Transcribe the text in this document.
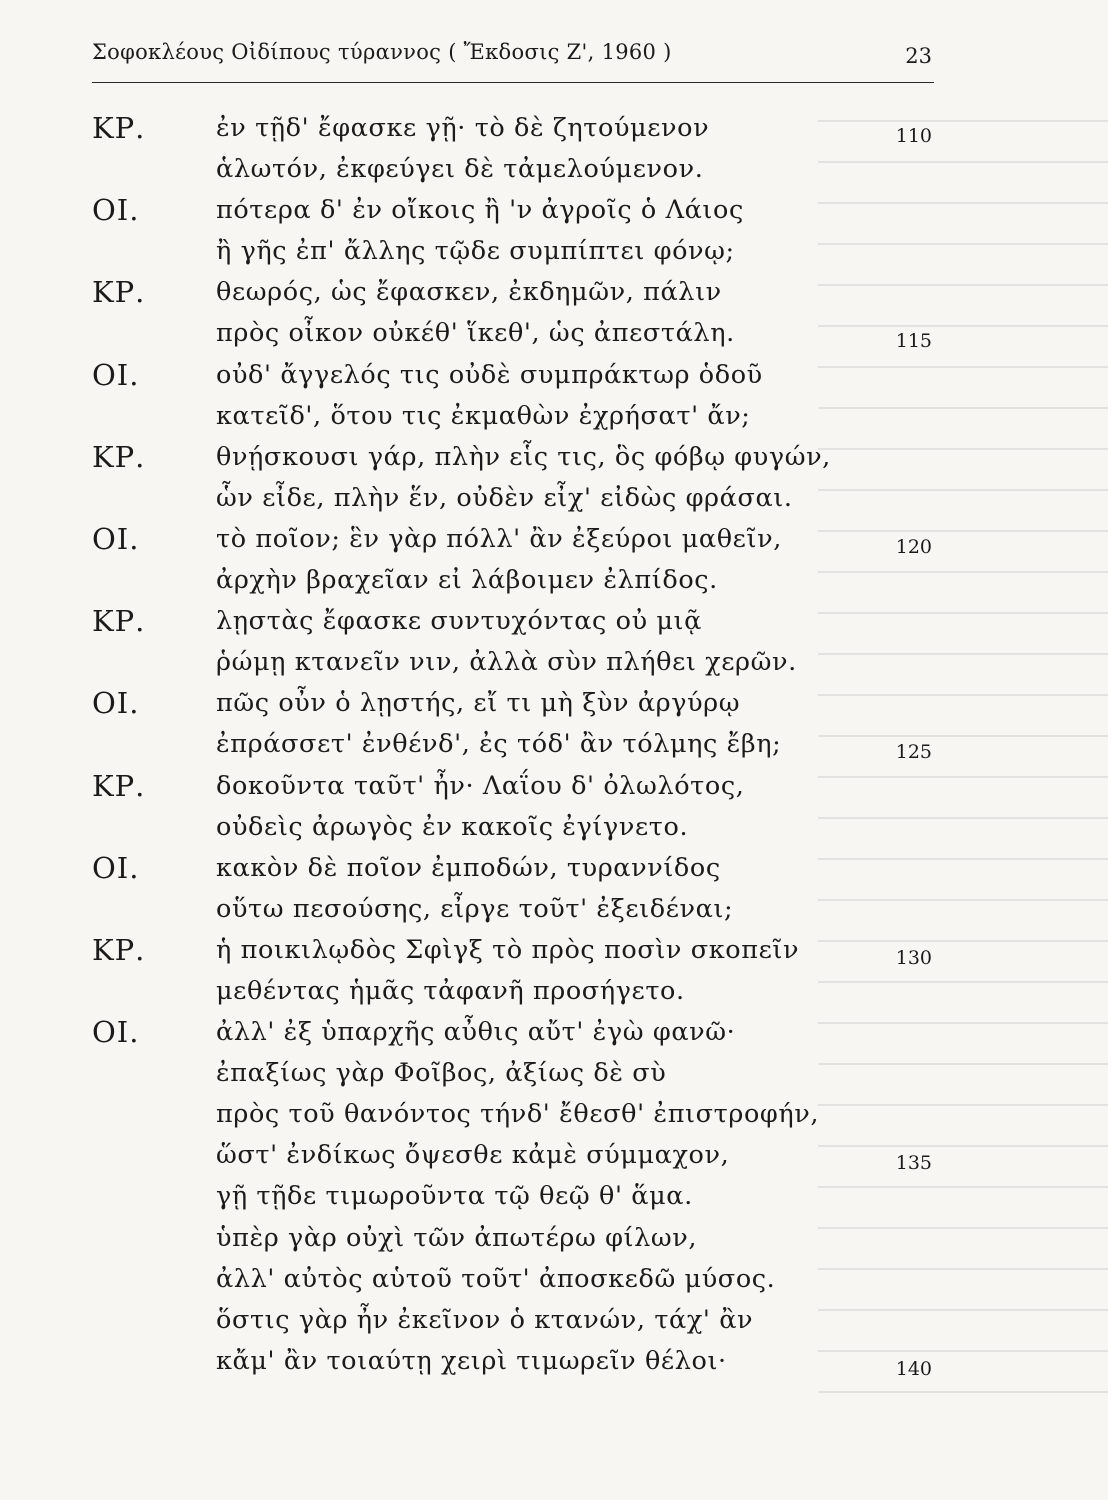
Σοφοκλέους Οἰδίπους τύραννος ( Ἔκδοσις Ζ', 1960 )	23
ΚΡ.	ἐν τῇδ' ἔφασκε γῇ· τὸ δὲ ζητούμενον	110
ἁλωτόν, ἐκφεύγει δὲ τἀμελούμενον.
ΟΙ.	πότερα δ' ἐν οἴκοις ἢ 'ν ἀγροῖς ὁ Λάιος
ἢ γῆς ἐπ' ἄλλης τῷδε συμπίπτει φόνῳ;
ΚΡ.	θεωρός, ὡς ἔφασκεν, ἐκδημῶν, πάλιν
πρὸς οἶκον οὐκέθ' ἵκεθ', ὡς ἀπεστάλη.	115
ΟΙ.	οὐδ' ἄγγελός τις οὐδὲ συμπράκτωρ ὁδοῦ
κατεῖδ', ὅτου τις ἐκμαθὼν ἐχρήσατ' ἄν;
ΚΡ.	θνῄσκουσι γάρ, πλὴν εἷς τις, ὃς φόβῳ φυγών,
ὧν εἶδε, πλὴν ἕν, οὐδὲν εἶχ' εἰδὼς φράσαι.
ΟΙ.	τὸ ποῖον; ἓν γὰρ πόλλ' ἂν ἐξεύροι μαθεῖν,	120
ἀρχὴν βραχεῖαν εἰ λάβοιμεν ἐλπίδος.
ΚΡ.	λῃστὰς ἔφασκε συντυχόντας οὐ μιᾷ
ῥώμῃ κτανεῖν νιν, ἀλλὰ σὺν πλήθει χερῶν.
ΟΙ.	πῶς οὖν ὁ λῃστής, εἴ τι μὴ ξὺν ἀργύρῳ
ἐπράσσετ' ἐνθένδ', ἐς τόδ' ἂν τόλμης ἔβη;	125
ΚΡ.	δοκοῦντα ταῦτ' ἦν· Λαΐου δ' ὀλωλότος,
οὐδεὶς ἀρωγὸς ἐν κακοῖς ἐγίγνετο.
ΟΙ.	κακὸν δὲ ποῖον ἐμποδών, τυραννίδος
οὕτω πεσούσης, εἶργε τοῦτ' ἐξειδέναι;
ΚΡ.	ἡ ποικιλῳδὸς Σφὶγξ τὸ πρὸς ποσὶν σκοπεῖν	130
μεθέντας ἡμᾶς τἀφανῆ προσήγετο.
ΟΙ.	ἀλλ' ἐξ ὑπαρχῆς αὖθις αὔτ' ἐγὼ φανῶ·
ἐπαξίως γὰρ Φοῖβος, ἀξίως δὲ σὺ
πρὸς τοῦ θανόντος τήνδ' ἔθεσθ' ἐπιστροφήν,
ὥστ' ἐνδίκως ὄψεσθε κἀμὲ σύμμαχον,	135
γῇ τῇδε τιμωροῦντα τῷ θεῷ θ' ἅμα.
ὑπὲρ γὰρ οὐχὶ τῶν ἀπωτέρω φίλων,
ἀλλ' αὐτὸς αὑτοῦ τοῦτ' ἀποσκεδῶ μύσος.
ὅστις γὰρ ἦν ἐκεῖνον ὁ κτανών, τάχ' ἂν
κἄμ' ἂν τοιαύτῃ χειρὶ τιμωρεῖν θέλοι·	140
